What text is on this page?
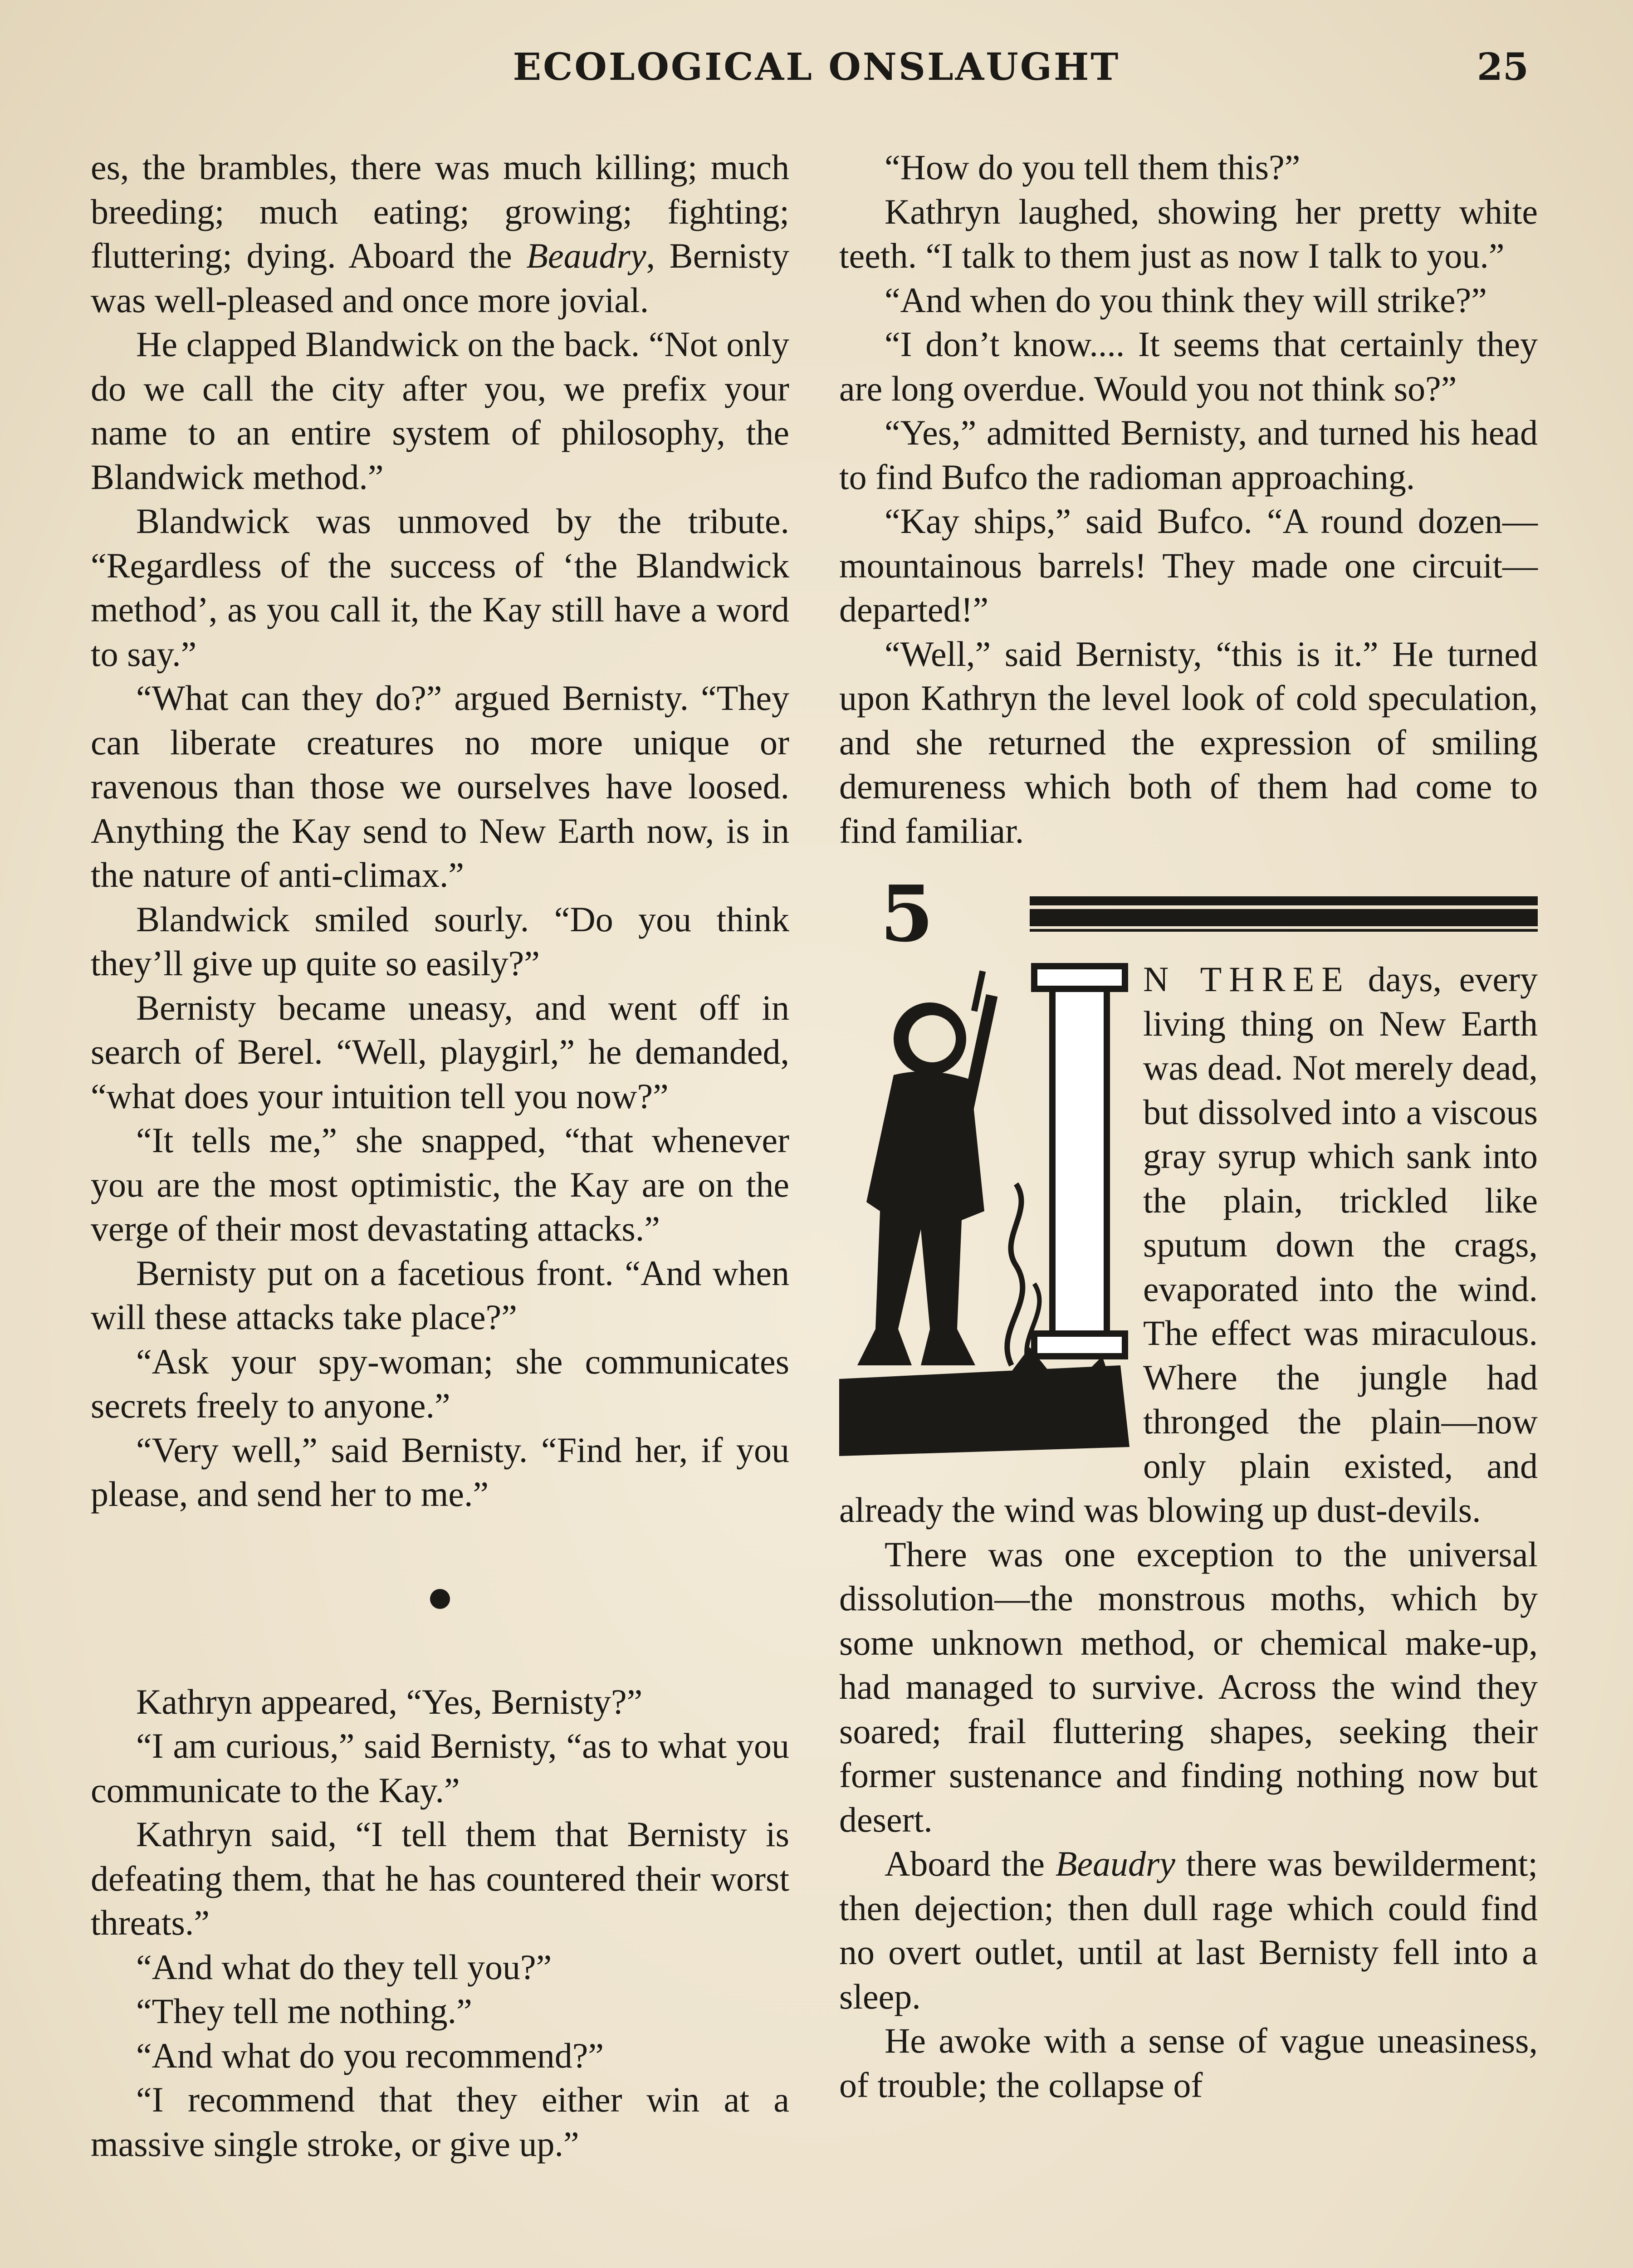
ECOLOGICAL ONSLAUGHT	25

es, the brambles, there was much killing; much breeding; much eating; growing; fighting; fluttering; dying. Aboard the Beaudry, Bernisty was well-pleased and once more jovial.

He clapped Blandwick on the back. “Not only do we call the city after you, we prefix your name to an entire system of philosophy, the Blandwick method.”

Blandwick was unmoved by the tribute. “Regardless of the success of ‘the Blandwick method’, as you call it, the Kay still have a word to say.”

“What can they do?” argued Bernisty. “They can liberate creatures no more unique or ravenous than those we ourselves have loosed. Anything the Kay send to New Earth now, is in the nature of anti-climax.”

Blandwick smiled sourly. “Do you think they’ll give up quite so easily?”

Bernisty became uneasy, and went off in search of Berel. “Well, playgirl,” he demanded, “what does your intuition tell you now?”

“It tells me,” she snapped, “that whenever you are the most optimistic, the Kay are on the verge of their most devastating attacks.”

Bernisty put on a facetious front. “And when will these attacks take place?”

“Ask your spy-woman; she communicates secrets freely to anyone.”

“Very well,” said Bernisty. “Find her, if you please, and send her to me.”

Kathryn appeared, “Yes, Bernisty?”

“I am curious,” said Bernisty, “as to what you communicate to the Kay.”

Kathryn said, “I tell them that Bernisty is defeating them, that he has countered their worst threats.”

“And what do they tell you?”

“They tell me nothing.”

“And what do you recommend?”

“I recommend that they either win at a massive single stroke, or give up.”

“How do you tell them this?”

Kathryn laughed, showing her pretty white teeth. “I talk to them just as now I talk to you.”

“And when do you think they will strike?”

“I don’t know.... It seems that certainly they are long overdue. Would you not think so?”

“Yes,” admitted Bernisty, and turned his head to find Bufco the radioman approaching.

“Kay ships,” said Bufco. “A round dozen—mountainous barrels! They made one circuit—departed!”

“Well,” said Bernisty, “this is it.” He turned upon Kathryn the level look of cold speculation, and she returned the expression of smiling demureness which both of them had come to find familiar.

5

N THREE days, every living thing on New Earth was dead. Not merely dead, but dissolved into a viscous gray syrup which sank into the plain, trickled like sputum down the crags, evaporated into the wind. The effect was miraculous. Where the jungle had thronged the plain—now only plain existed, and already the wind was blowing up dust-devils.

There was one exception to the universal dissolution—the monstrous moths, which by some unknown method, or chemical make-up, had managed to survive. Across the wind they soared; frail fluttering shapes, seeking their former sustenance and finding nothing now but desert.

Aboard the Beaudry there was bewilderment; then dejection; then dull rage which could find no overt outlet, until at last Bernisty fell into a sleep.

He awoke with a sense of vague uneasiness, of trouble; the collapse of
